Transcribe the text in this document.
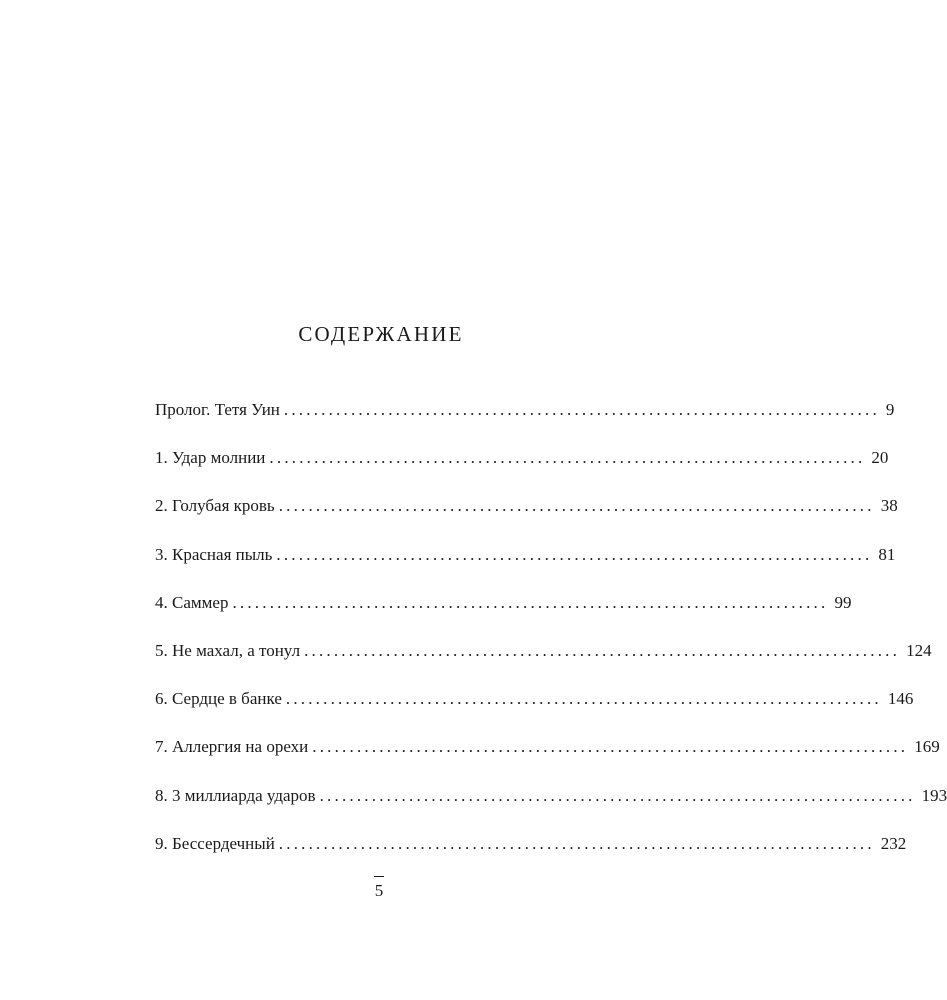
СОДЕРЖАНИЕ
Пролог. Тетя Уин ................................................................................ 9
1. Удар молнии ................................................................................ 20
2. Голубая кровь ................................................................................ 38
3. Красная пыль ................................................................................ 81
4. Саммер ................................................................................ 99
5. Не махал, а тонул ................................................................................ 124
6. Сердце в банке ................................................................................ 146
7. Аллергия на орехи ................................................................................ 169
8. 3 миллиарда ударов ................................................................................ 193
9. Бессердечный ................................................................................ 232
5
